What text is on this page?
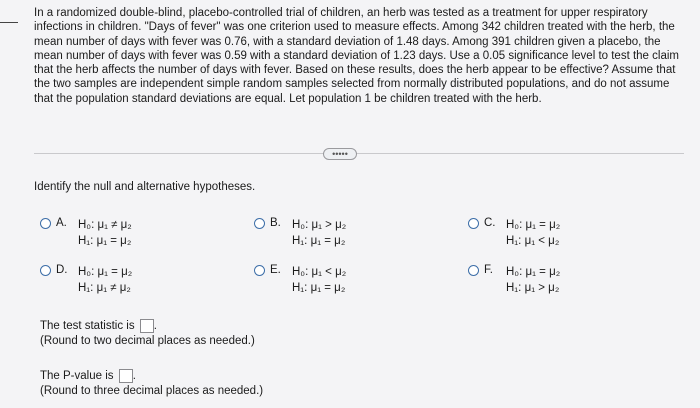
In a randomized double-blind, placebo-controlled trial of children, an herb was tested as a treatment for upper respiratory infections in children. "Days of fever" was one criterion used to measure effects. Among 342 children treated with the herb, the mean number of days with fever was 0.76, with a standard deviation of 1.48 days. Among 391 children given a placebo, the mean number of days with fever was 0.59 with a standard deviation of 1.23 days. Use a 0.05 significance level to test the claim that the herb affects the number of days with fever. Based on these results, does the herb appear to be effective? Assume that the two samples are independent simple random samples selected from normally distributed populations, and do not assume that the population standard deviations are equal. Let population 1 be children treated with the herb.

•••••
Identify the null and alternative hypotheses.
A. H₀: μ₁ ≠ μ₂
H₁: μ₁ = μ₂
B. H₀: μ₁ > μ₂
H₁: μ₁ = μ₂
C. H₀: μ₁ = μ₂
H₁: μ₁ < μ₂
D. H₀: μ₁ = μ₂
H₁: μ₁ ≠ μ₂
E. H₀: μ₁ < μ₂
H₁: μ₁ = μ₂
F.	H₀: μ₁ = μ₂
H₁: μ₁ > μ₂
The test statistic is .
(Round to two decimal places as needed.)
The P-value is .
(Round to three decimal places as needed.)
